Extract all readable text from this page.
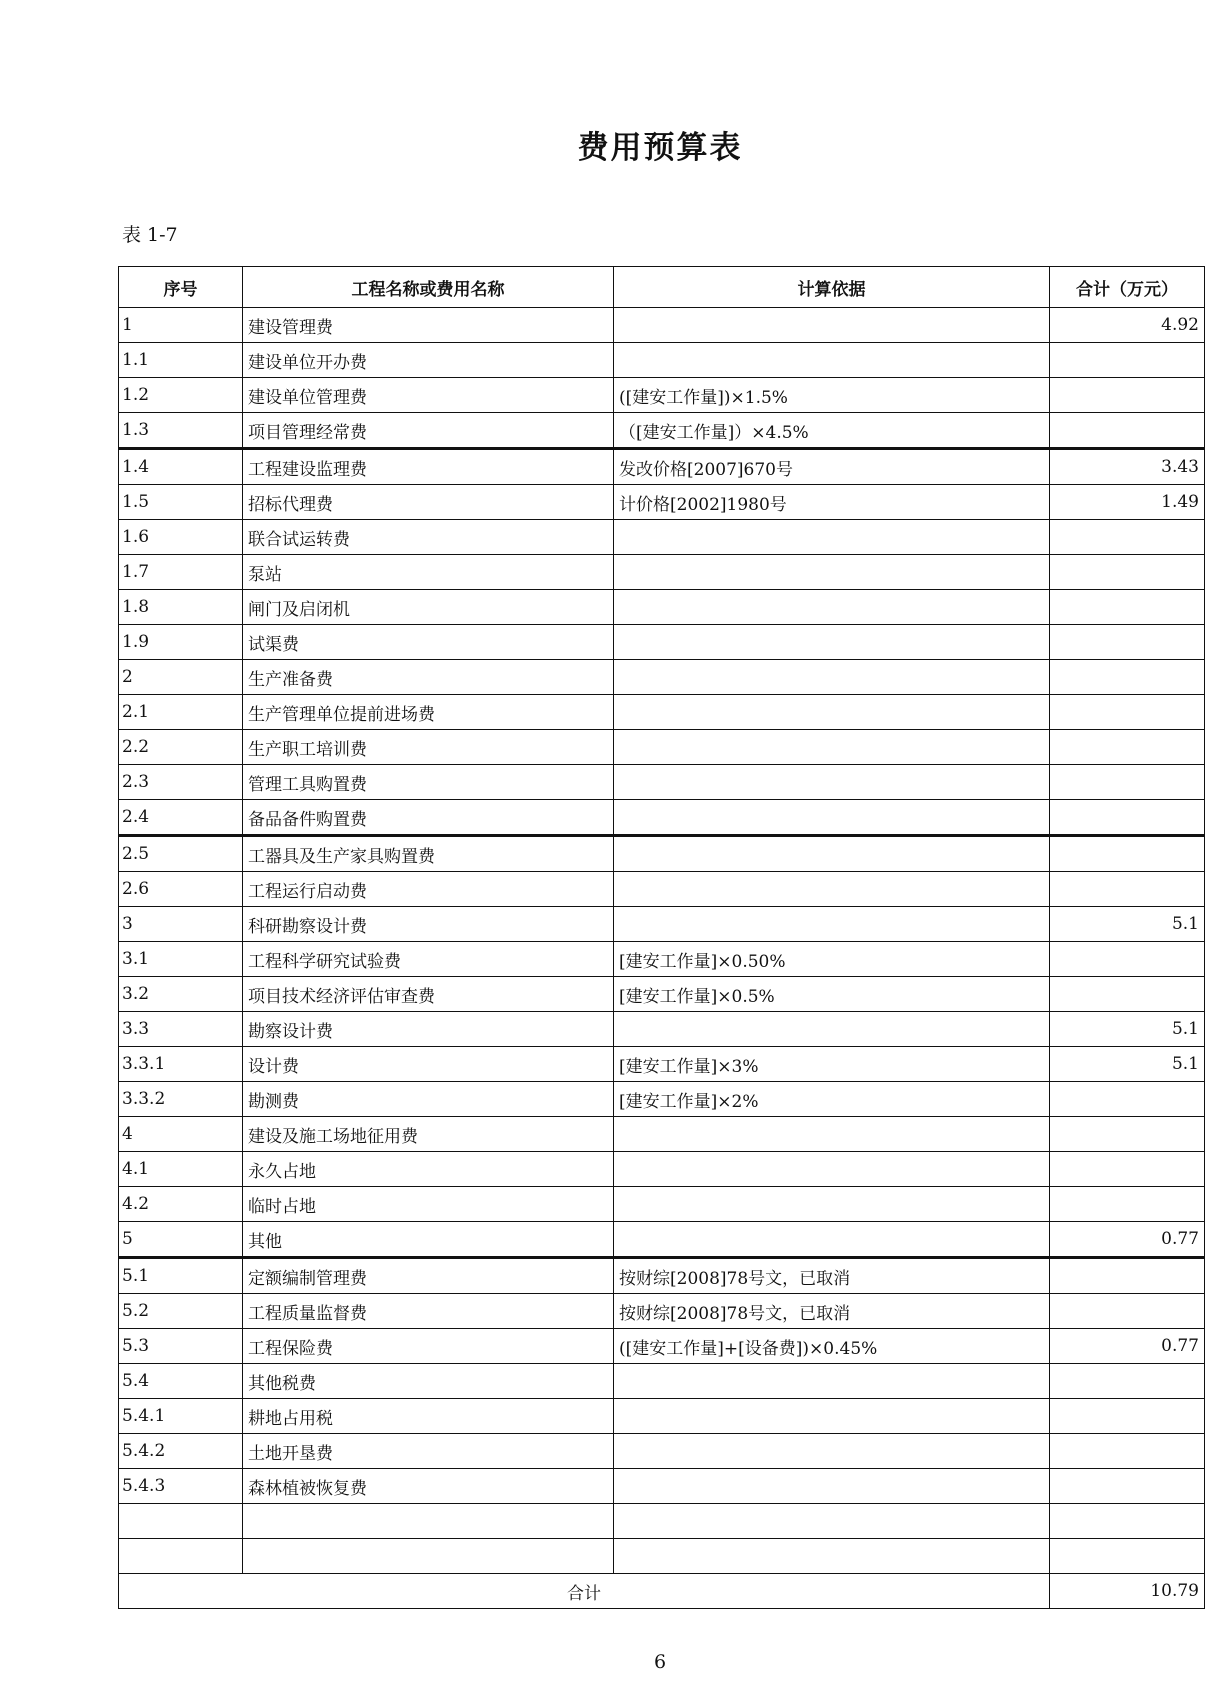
费用预算表
表 1-7
序号	工程名称或费用名称	计算依据	合计（万元）
1	建设管理费		4.92
1.1	建设单位开办费		
1.2	建设单位管理费	([建安工作量])×1.5%	
1.3	项目管理经常费	（[建安工作量]）×4.5%	
1.4	工程建设监理费	发改价格[2007]670号	3.43
1.5	招标代理费	计价格[2002]1980号	1.49
1.6	联合试运转费		
1.7	泵站		
1.8	闸门及启闭机		
1.9	试渠费		
2	生产准备费		
2.1	生产管理单位提前进场费		
2.2	生产职工培训费		
2.3	管理工具购置费		
2.4	备品备件购置费		
2.5	工器具及生产家具购置费		
2.6	工程运行启动费		
3	科研勘察设计费		5.1
3.1	工程科学研究试验费	[建安工作量]×0.50%	
3.2	项目技术经济评估审查费	[建安工作量]×0.5%	
3.3	勘察设计费		5.1
3.3.1	设计费	[建安工作量]×3%	5.1
3.3.2	勘测费	[建安工作量]×2%	
4	建设及施工场地征用费		
4.1	永久占地		
4.2	临时占地		
5	其他		0.77
5.1	定额编制管理费	按财综[2008]78号文，已取消	
5.2	工程质量监督费	按财综[2008]78号文，已取消	
5.3	工程保险费	([建安工作量]+[设备费])×0.45%	0.77
5.4	其他税费		
5.4.1	耕地占用税		
5.4.2	土地开垦费		
5.4.3	森林植被恢复费		

合计			10.79
6
